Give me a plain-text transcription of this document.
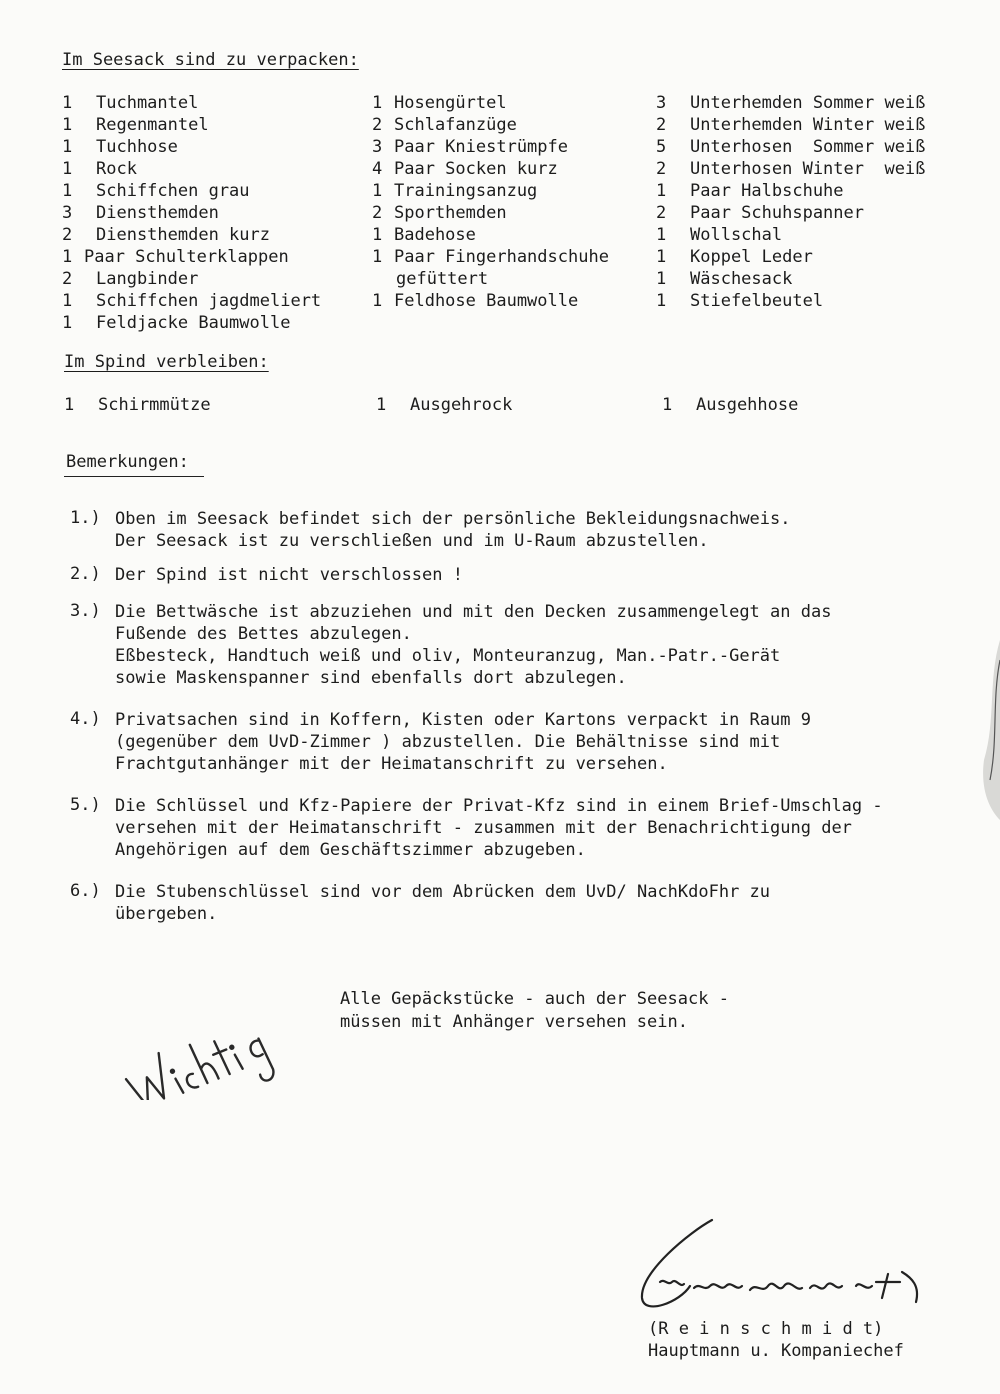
Im Seesack sind zu verpacken:
1 Tuchmantel
1 Regenmantel
1 Tuchhose
1 Rock
1 Schiffchen grau
3 Diensthemden
2 Diensthemden kurz
1 Paar Schulterklappen
2 Langbinder
1 Schiffchen jagdmeliert
1 Feldjacke Baumwolle
1 Hosengürtel
2 Schlafanzüge
3 Paar Kniestrümpfe
4 Paar Socken kurz
1 Trainingsanzug
2 Sporthemden
1 Badehose
1 Paar Fingerhandschuhe
gefüttert
1 Feldhose Baumwolle
3 Unterhemden Sommer weiß
2 Unterhemden Winter weiß
5 Unterhosen  Sommer weiß
2 Unterhosen Winter  weiß
1 Paar Halbschuhe
2 Paar Schuhspanner
1 Wollschal
1 Koppel Leder
1 Wäschesack
1 Stiefelbeutel
Im Spind verbleiben:
1 Schirmmütze	1 Ausgehrock	1 Ausgehhose
Bemerkungen:
1.) Oben im Seesack befindet sich der persönliche Bekleidungsnachweis.
Der Seesack ist zu verschließen und im U-Raum abzustellen.
2.) Der Spind ist nicht verschlossen !
3.) Die Bettwäsche ist abzuziehen und mit den Decken zusammengelegt an das
Fußende des Bettes abzulegen.
Eßbesteck, Handtuch weiß und oliv, Monteuranzug, Man.-Patr.-Gerät
sowie Maskenspanner sind ebenfalls dort abzulegen.
4.) Privatsachen sind in Koffern, Kisten oder Kartons verpackt in Raum 9
(gegenüber dem UvD-Zimmer ) abzustellen. Die Behältnisse sind mit
Frachtgutanhänger mit der Heimatanschrift zu versehen.
5.) Die Schlüssel und Kfz-Papiere der Privat-Kfz sind in einem Brief-Umschlag -
versehen mit der Heimatanschrift - zusammen mit der Benachrichtigung der
Angehörigen auf dem Geschäftszimmer abzugeben.
6.) Die Stubenschlüssel sind vor dem Abrücken dem UvD/ NachKdoFhr zu
übergeben.
Alle Gepäckstücke - auch der Seesack -
müssen mit Anhänger versehen sein.
(R e i n s c h m i d t)
Hauptmann u. Kompaniechef
